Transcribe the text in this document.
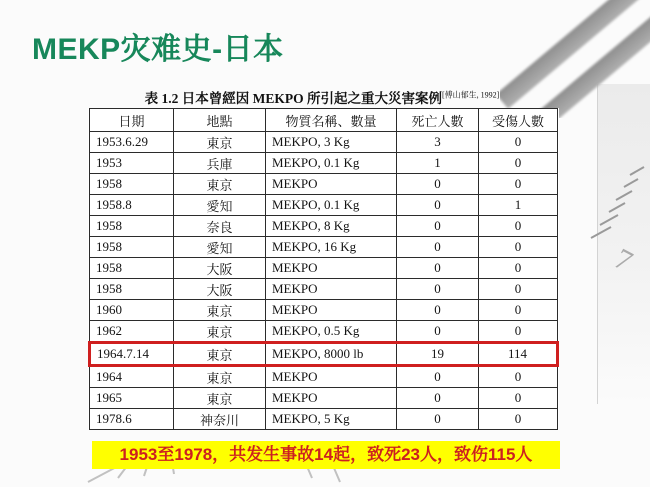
7
MEKP灾难史-日本
表 1.2 日本曾經因 MEKPO 所引起之重大災害案例[傅山郁生, 1992]
日期	地點	物質名稱、數量	死亡人數	受傷人數
1953.6.29	東京	MEKPO, 3 Kg	3	0
1953	兵庫	MEKPO, 0.1 Kg	1	0
1958	東京	MEKPO	0	0
1958.8	愛知	MEKPO, 0.1 Kg	0	1
1958	奈良	MEKPO, 8 Kg	0	0
1958	愛知	MEKPO, 16 Kg	0	0
1958	大阪	MEKPO	0	0
1958	大阪	MEKPO	0	0
1960	東京	MEKPO	0	0
1962	東京	MEKPO, 0.5 Kg	0	0
1964.7.14	東京	MEKPO, 8000 lb	19	114
1964	東京	MEKPO	0	0
1965	東京	MEKPO	0	0
1978.6	神奈川	MEKPO, 5 Kg	0	0
1953至1978，共发生事故14起，致死23人，致伤115人
